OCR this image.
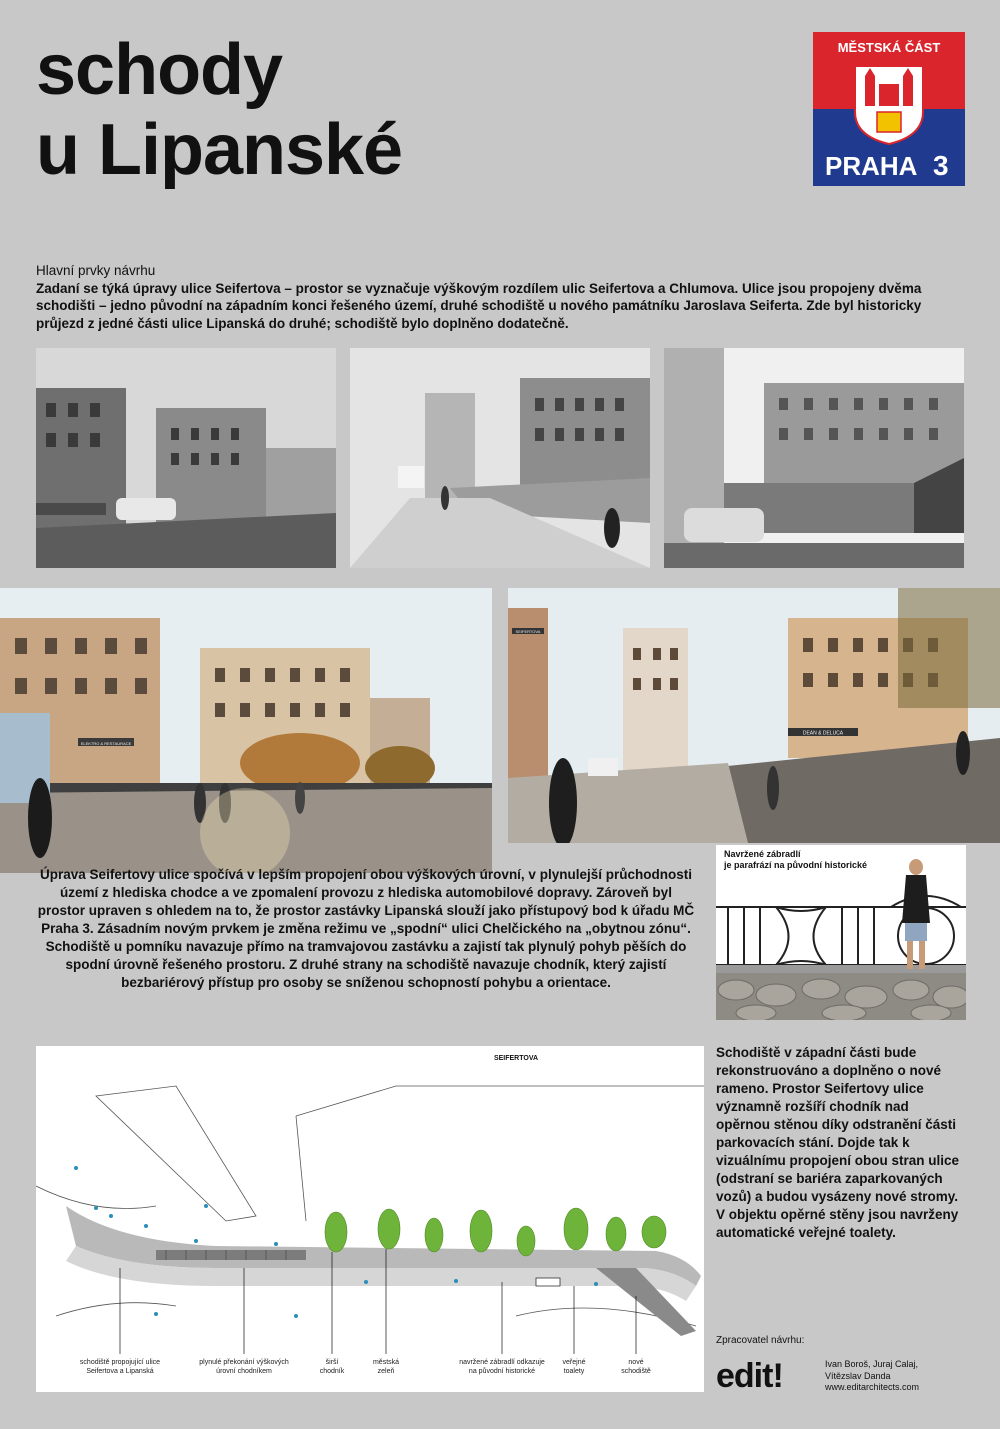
schody
u Lipanské
MĚSTSKÁ ČÁST
PRAHA 3
Hlavní prvky návrhu
Zadaní se týká úpravy ulice Seifertova – prostor se vyznačuje výškovým rozdílem ulic Seifertova a Chlumova. Ulice jsou propojeny dvěma schodišti – jedno původní na západním konci řešeného území, druhé schodiště u nového památníku Jaroslava Seiferta. Zde byl historicky průjezd z jedné části ulice Lipanská do druhé; schodiště bylo doplněno dodatečně.
ELEKTRO & RESTAURACE
DEAN & DELUCA
SEIFERTOVA
Navržené zábradlí
je parafrází na původní historické
Úprava Seifertovy ulice spočívá v lepším propojení obou výškových úrovní, v plynulejší průchodnosti území z hlediska chodce a ve zpomalení provozu z hlediska automobilové dopravy. Zároveň byl prostor upraven s ohledem na to, že prostor zastávky Lipanská slouží jako přístupový bod k úřadu MČ Praha 3. Zásadním novým prvkem je změna režimu ve „spodní“ ulici Chelčického na „obytnou zónu“. Schodiště u pomníku navazuje přímo na tramvajovou zastávku a zajistí tak plynulý pohyb pěších do spodní úrovně řešeného prostoru. Z druhé strany na schodiště navazuje chodník, který zajistí bezbariérový přístup pro osoby se sníženou schopností pohybu a orientace.
Schodiště v západní části bude rekonstruováno a doplněno o nové rameno. Prostor Seifertovy ulice významně rozšíří chodník nad opěrnou stěnou díky odstranění části parkovacích stání. Dojde tak k vizuálnímu propojení obou stran ulice (odstraní se bariéra zaparkovaných vozů) a budou vysázeny nové stromy. V objektu opěrné stěny jsou navrženy automatické veřejné toalety.
SEIFERTOVA
schodiště propojující ulice
Seifertova a Lipanská
plynulé překonání výškových
úrovní chodníkem
širší
chodník
městská
zeleň
navržené zábradlí odkazuje
na původní historické
veřejné
toalety
nové
schodiště
Zpracovatel návrhu:
edit!	Ivan Boroš, Juraj Calaj,
Vítězslav Danda
www.editarchitects.com
